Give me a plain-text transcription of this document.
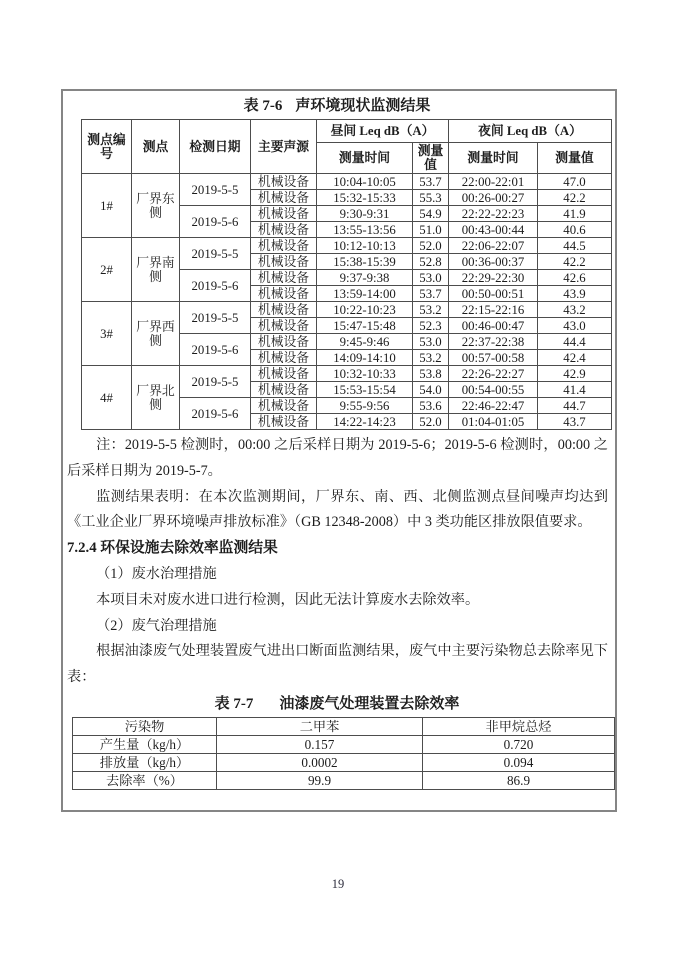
表 7-6 声环境现状监测结果
测点编号	测点	检测日期	主要声源	昼间 Leq dB（A）		夜间 Leq dB（A）	
				测量时间	测量值	测量时间	测量值
1#	厂界东侧	2019-5-5	机械设备	10:04-10:05	53.7	22:00-22:01	47.0
			机械设备	15:32-15:33	55.3	00:26-00:27	42.2
		2019-5-6	机械设备	9:30-9:31	54.9	22:22-22:23	41.9
			机械设备	13:55-13:56	51.0	00:43-00:44	40.6
2#	厂界南侧	2019-5-5	机械设备	10:12-10:13	52.0	22:06-22:07	44.5
			机械设备	15:38-15:39	52.8	00:36-00:37	42.2
		2019-5-6	机械设备	9:37-9:38	53.0	22:29-22:30	42.6
			机械设备	13:59-14:00	53.7	00:50-00:51	43.9
3#	厂界西侧	2019-5-5	机械设备	10:22-10:23	53.2	22:15-22:16	43.2
			机械设备	15:47-15:48	52.3	00:46-00:47	43.0
		2019-5-6	机械设备	9:45-9:46	53.0	22:37-22:38	44.4
			机械设备	14:09-14:10	53.2	00:57-00:58	42.4
4#	厂界北侧	2019-5-5	机械设备	10:32-10:33	53.8	22:26-22:27	42.9
			机械设备	15:53-15:54	54.0	00:54-00:55	41.4
		2019-5-6	机械设备	9:55-9:56	53.6	22:46-22:47	44.7
			机械设备	14:22-14:23	52.0	01:04-01:05	43.7

注：2019-5-5 检测时，00:00 之后采样日期为 2019-5-6；2019-5-6 检测时，00:00 之后采样日期为 2019-5-7。

监测结果表明：在本次监测期间，厂界东、南、西、北侧监测点昼间噪声均达到《工业企业厂界环境噪声排放标准》（GB 12348-2008）中 3 类功能区排放限值要求。

7.2.4 环保设施去除效率监测结果

（1）废水治理措施

本项目未对废水进口进行检测，因此无法计算废水去除效率。

（2）废气治理措施

根据油漆废气处理装置废气进出口断面监测结果，废气中主要污染物总去除率见下表：

表 7-7 油漆废气处理装置去除效率
污染物	二甲苯	非甲烷总烃
产生量（kg/h）	0.157	0.720
排放量（kg/h）	0.0002	0.094
去除率（%）	99.9	86.9
19
